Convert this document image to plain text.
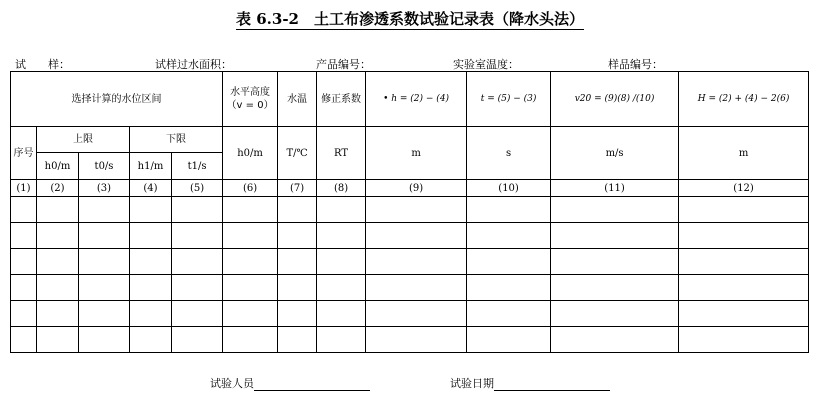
表 6.3-2　土工布渗透系数试验记录表（降水头法）
试　　样：	试样过水面积：	产品编号：	实验室温度：	样品编号：
选择计算的水位区间					水平高度（v = 0）	水温	修正系数	• h = (2) − (4)	t = (5) − (3)	v20 = (9)(8) /(10)	H = (2) + (4) − 2(6)
序号	上限		下限		h0/m	T/℃	RT	m	s	m/s	m
	h0/m	t0/s	h1/m	t1/s							
(1)	(2)	(3)	(4)	(5)	(6)	(7)	(8)	(9)	(10)	(11)	(12)

试验人员	试验日期
